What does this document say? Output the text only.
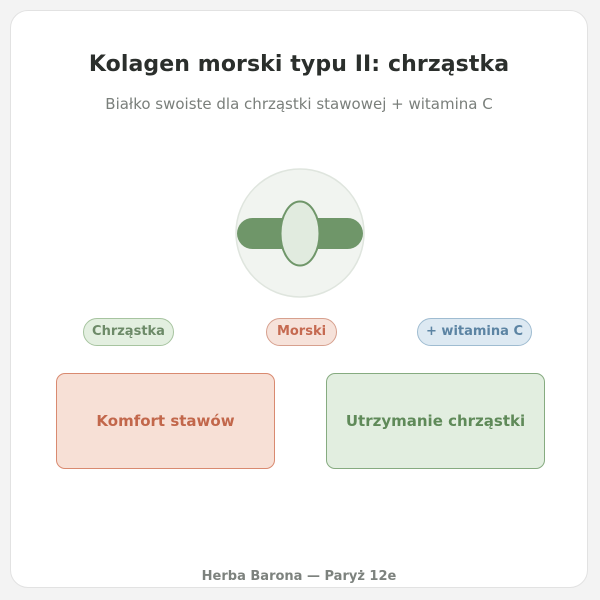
Kolagen morski typu II: chrząstka
Białko swoiste dla chrząstki stawowej + witamina C
Chrząstka	Morski	+ witamina C
Komfort stawów	Utrzymanie chrząstki
Herba Barona — Paryż 12e
